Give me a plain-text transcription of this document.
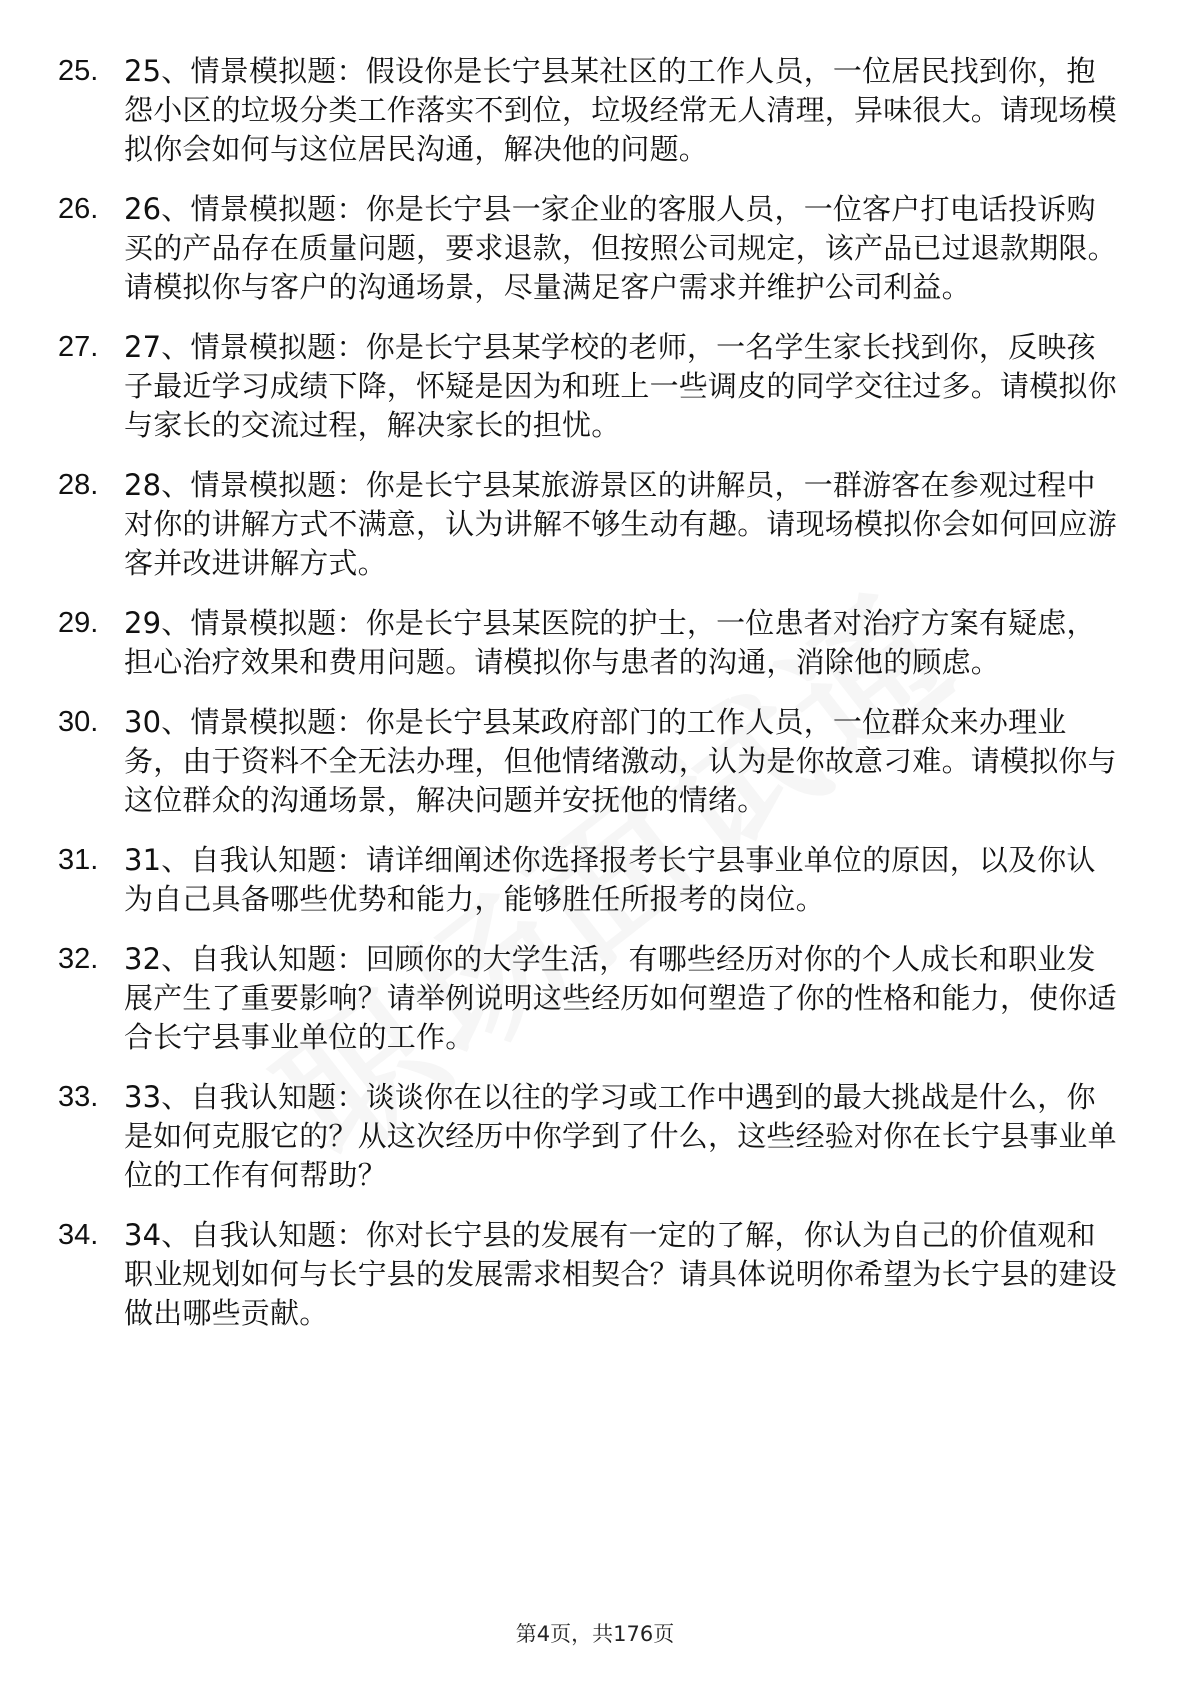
25. 25、情景模拟题：假设你是长宁县某社区的工作人员，一位居民找到你，抱怨小区的垃圾分类工作落实不到位，垃圾经常无人清理，异味很大。请现场模拟你会如何与这位居民沟通，解决他的问题。
26. 26、情景模拟题：你是长宁县一家企业的客服人员，一位客户打电话投诉购买的产品存在质量问题，要求退款，但按照公司规定，该产品已过退款期限。请模拟你与客户的沟通场景，尽量满足客户需求并维护公司利益。
27. 27、情景模拟题：你是长宁县某学校的老师，一名学生家长找到你，反映孩子最近学习成绩下降，怀疑是因为和班上一些调皮的同学交往过多。请模拟你与家长的交流过程，解决家长的担忧。
28. 28、情景模拟题：你是长宁县某旅游景区的讲解员，一群游客在参观过程中对你的讲解方式不满意，认为讲解不够生动有趣。请现场模拟你会如何回应游客并改进讲解方式。
29. 29、情景模拟题：你是长宁县某医院的护士，一位患者对治疗方案有疑虑，担心治疗效果和费用问题。请模拟你与患者的沟通，消除他的顾虑。
30. 30、情景模拟题：你是长宁县某政府部门的工作人员，一位群众来办理业务，由于资料不全无法办理，但他情绪激动，认为是你故意刁难。请模拟你与这位群众的沟通场景，解决问题并安抚他的情绪。
31. 31、自我认知题：请详细阐述你选择报考长宁县事业单位的原因，以及你认为自己具备哪些优势和能力，能够胜任所报考的岗位。
32. 32、自我认知题：回顾你的大学生活，有哪些经历对你的个人成长和职业发展产生了重要影响？请举例说明这些经历如何塑造了你的性格和能力，使你适合长宁县事业单位的工作。
33. 33、自我认知题：谈谈你在以往的学习或工作中遇到的最大挑战是什么，你是如何克服它的？从这次经历中你学到了什么，这些经验对你在长宁县事业单位的工作有何帮助？
34. 34、自我认知题：你对长宁县的发展有一定的了解，你认为自己的价值观和职业规划如何与长宁县的发展需求相契合？请具体说明你希望为长宁县的建设做出哪些贡献。
第4页，共176页
